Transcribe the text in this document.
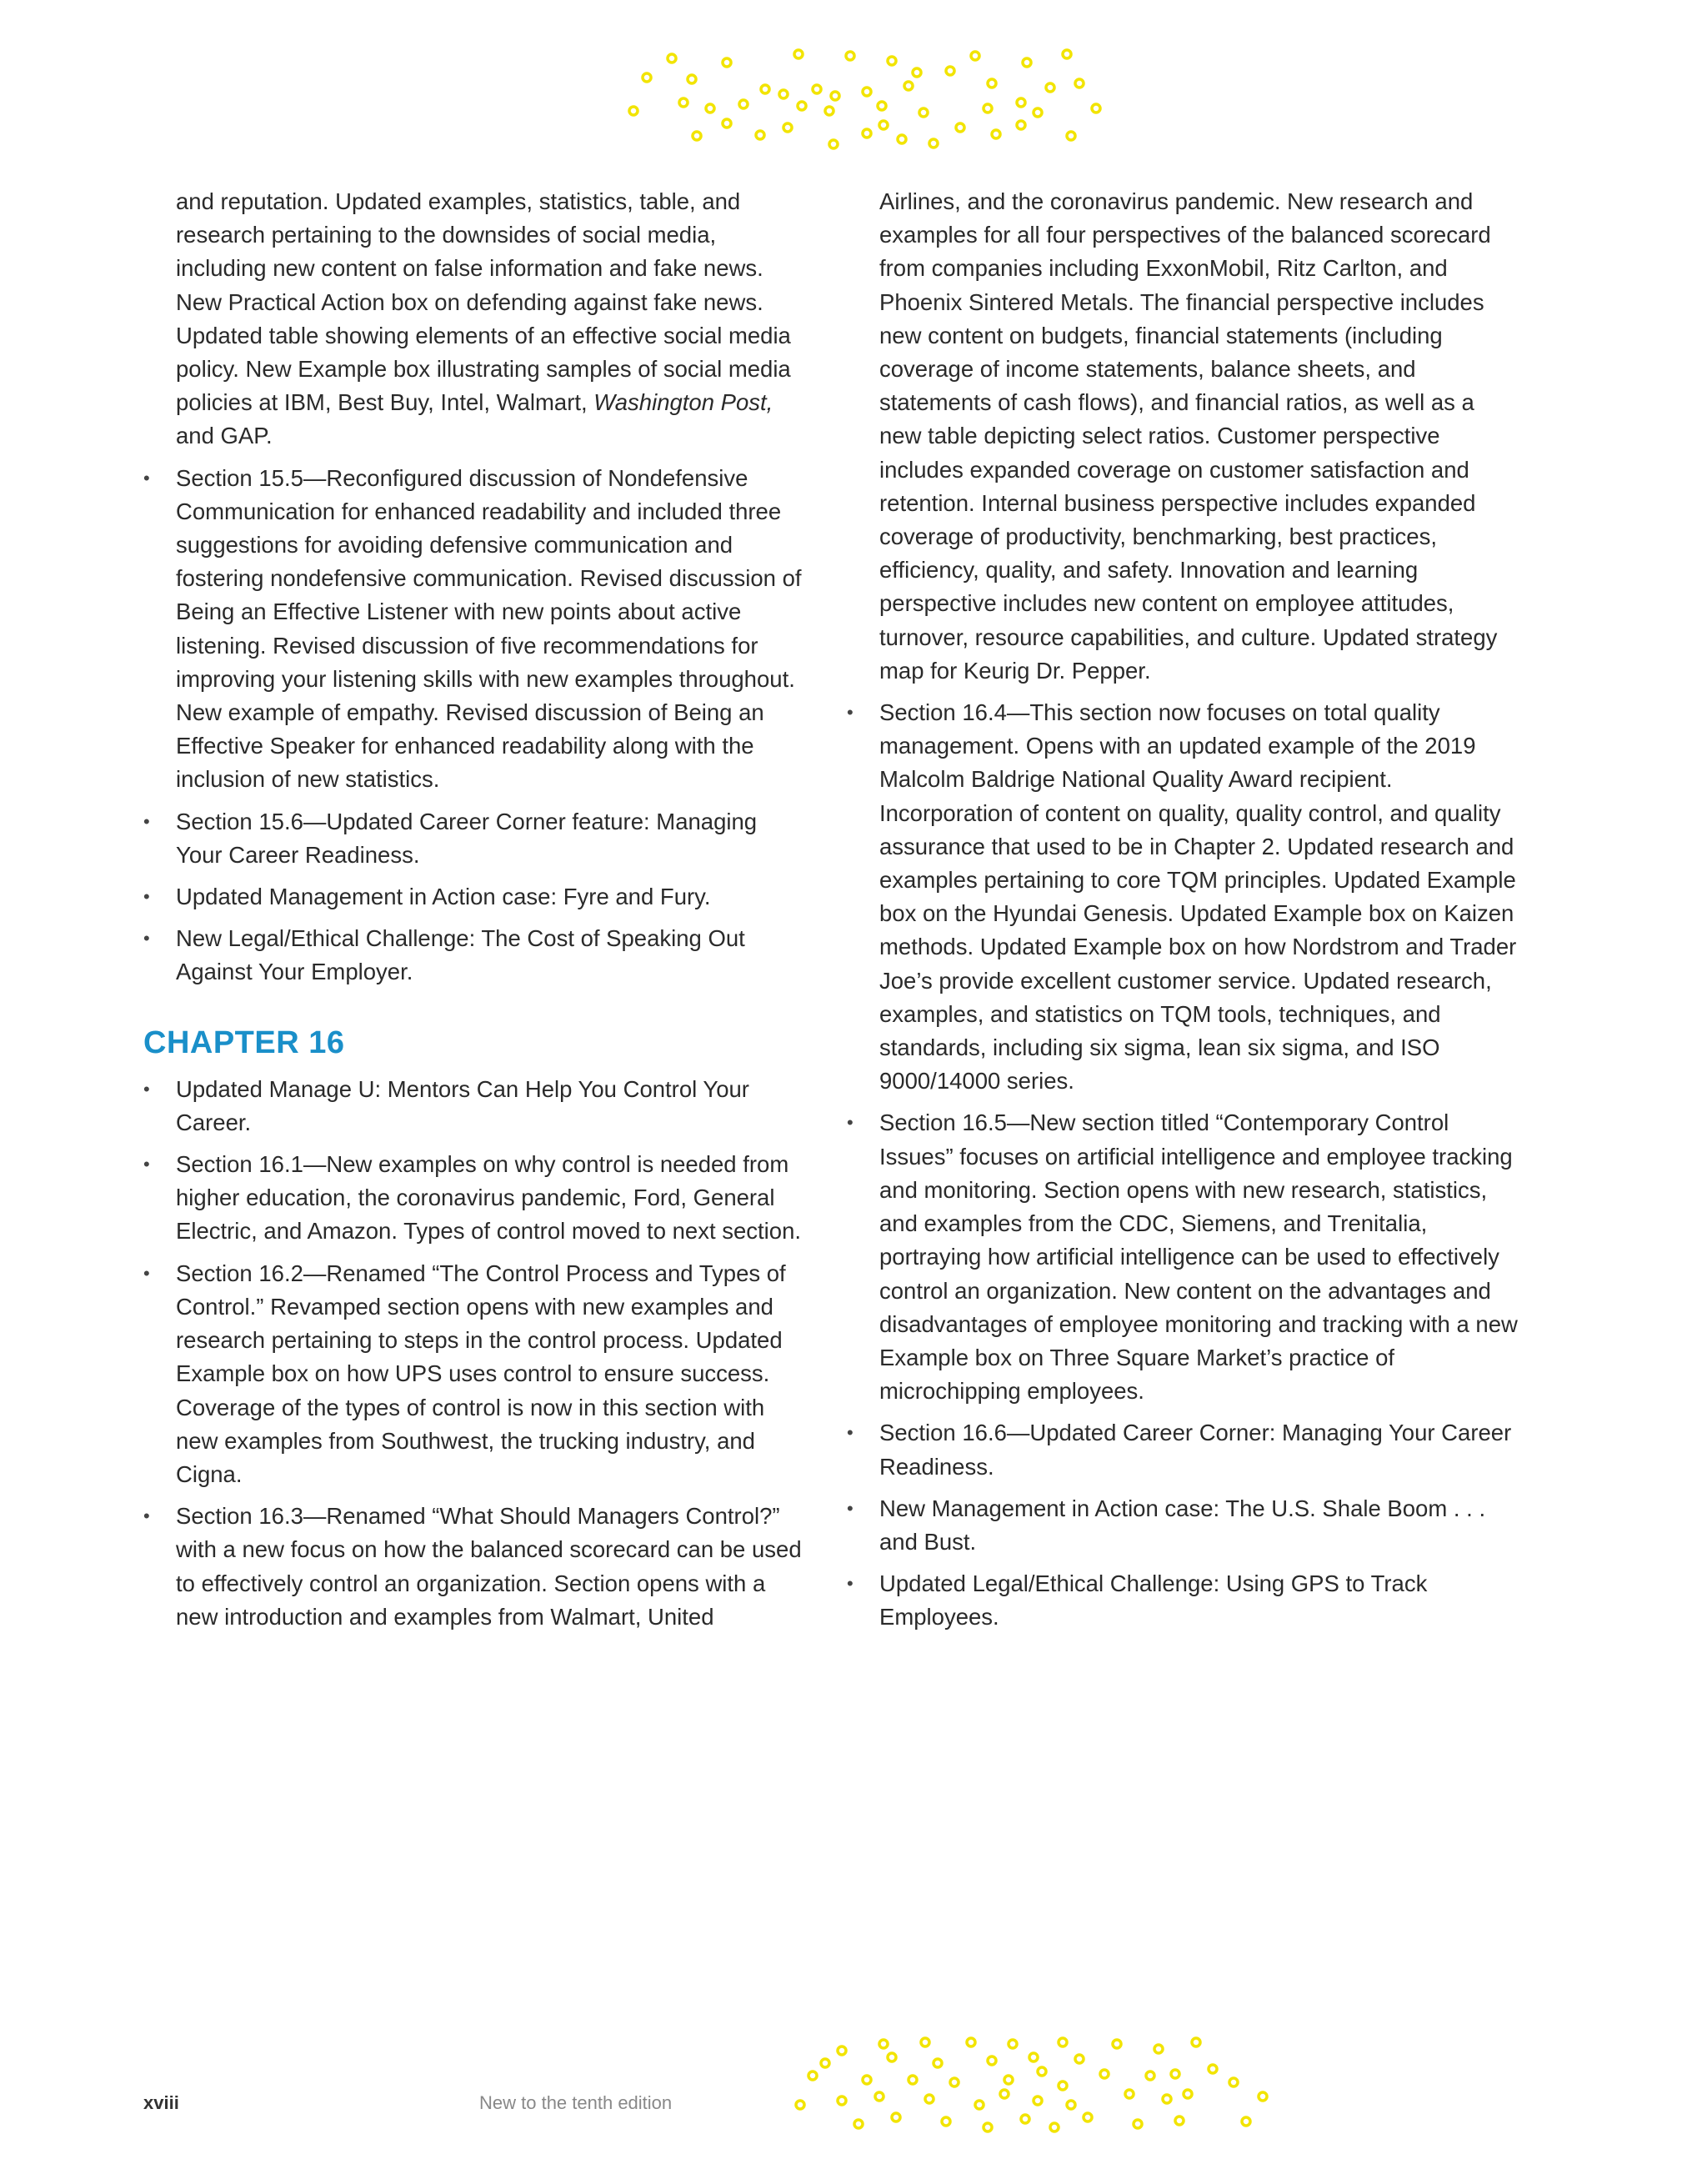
and reputation. Updated examples, statistics, table, and research pertaining to the downsides of social media, including new content on false information and fake news. New Practical Action box on defending against fake news. Updated table showing elements of an effective social media policy. New Example box illustrating samples of social media policies at IBM, Best Buy, Intel, Walmart, Washington Post, and GAP.

• Section 15.5—Reconfigured discussion of Nondefensive Communication for enhanced readability and included three suggestions for avoiding defensive communication and fostering nondefensive communication. Revised discussion of Being an Effective Listener with new points about active listening. Revised discussion of five recommendations for improving your listening skills with new examples throughout. New example of empathy. Revised discussion of Being an Effective Speaker for enhanced readability along with the inclusion of new statistics.

• Section 15.6—Updated Career Corner feature: Managing Your Career Readiness.

• Updated Management in Action case: Fyre and Fury.

• New Legal/Ethical Challenge: The Cost of Speaking Out Against Your Employer.

CHAPTER 16

• Updated Manage U: Mentors Can Help You Control Your Career.

• Section 16.1—New examples on why control is needed from higher education, the coronavirus pandemic, Ford, General Electric, and Amazon. Types of control moved to next section.

• Section 16.2—Renamed “The Control Process and Types of Control.” Revamped section opens with new examples and research pertaining to steps in the control process. Updated Example box on how UPS uses control to ensure success. Coverage of the types of control is now in this section with new examples from Southwest, the trucking industry, and Cigna.

• Section 16.3—Renamed “What Should Managers Control?” with a new focus on how the balanced scorecard can be used to effectively control an organization. Section opens with a new introduction and examples from Walmart, United

Airlines, and the coronavirus pandemic. New research and examples for all four perspectives of the balanced scorecard from companies including ExxonMobil, Ritz Carlton, and Phoenix Sintered Metals. The financial perspective includes new content on budgets, financial statements (including coverage of income statements, balance sheets, and statements of cash flows), and financial ratios, as well as a new table depicting select ratios. Customer perspective includes expanded coverage on customer satisfaction and retention. Internal business perspective includes expanded coverage of productivity, benchmarking, best practices, efficiency, quality, and safety. Innovation and learning perspective includes new content on employee attitudes, turnover, resource capabilities, and culture. Updated strategy map for Keurig Dr. Pepper.

• Section 16.4—This section now focuses on total quality management. Opens with an updated example of the 2019 Malcolm Baldrige National Quality Award recipient. Incorporation of content on quality, quality control, and quality assurance that used to be in Chapter 2. Updated research and examples pertaining to core TQM principles. Updated Example box on the Hyundai Genesis. Updated Example box on Kaizen methods. Updated Example box on how Nordstrom and Trader Joe’s provide excellent customer service. Updated research, examples, and statistics on TQM tools, techniques, and standards, including six sigma, lean six sigma, and ISO 9000/14000 series.

• Section 16.5—New section titled “Contemporary Control Issues” focuses on artificial intelligence and employee tracking and monitoring. Section opens with new research, statistics, and examples from the CDC, Siemens, and Trenitalia, portraying how artificial intelligence can be used to effectively control an organization. New content on the advantages and disadvantages of employee monitoring and tracking with a new Example box on Three Square Market’s practice of microchipping employees.

• Section 16.6—Updated Career Corner: Managing Your Career Readiness.

• New Management in Action case: The U.S. Shale Boom . . . and Bust.

• Updated Legal/Ethical Challenge: Using GPS to Track Employees.

xviii	New to the tenth edition
